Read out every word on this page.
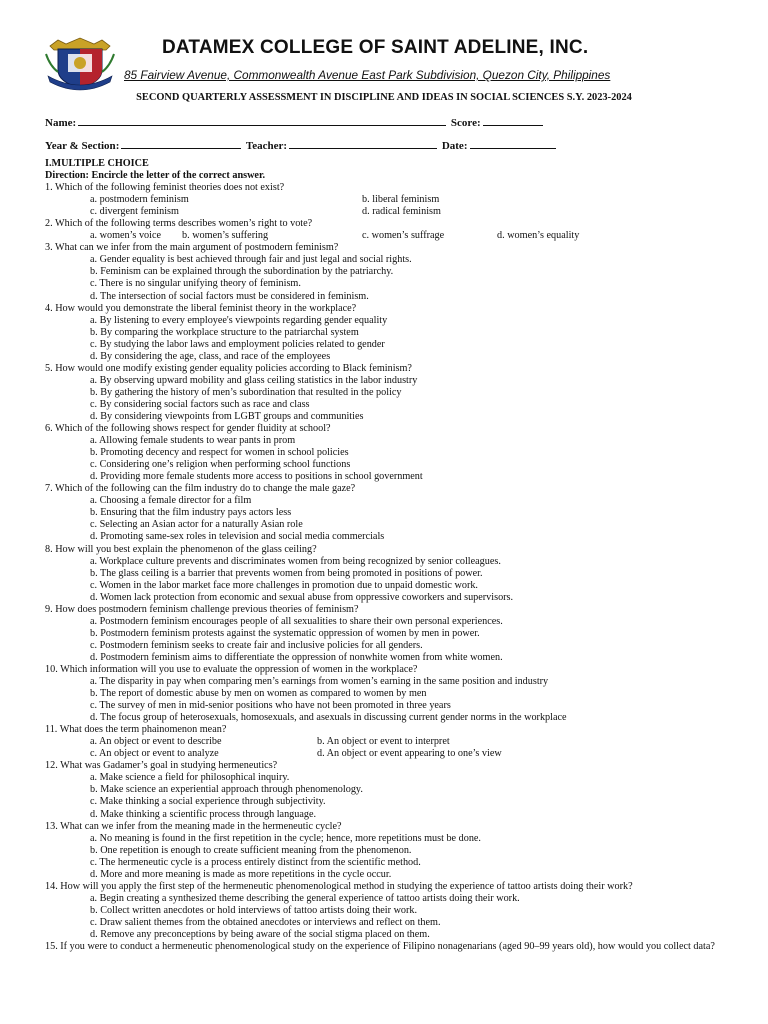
DATAMEX COLLEGE OF SAINT ADELINE, INC.
85 Fairview Avenue, Commonwealth Avenue East Park Subdivision, Quezon City, Philippines
SECOND QUARTERLY ASSESSMENT IN DISCIPLINE AND IDEAS IN SOCIAL SCIENCES S.Y. 2023-2024
Name:	Score:
Year & Section:	Teacher:	Date:
I.MULTIPLE CHOICE
Direction: Encircle the letter of the correct answer.
1. Which of the following feminist theories does not exist?
a. postmodern feminism	b. liberal feminism
c. divergent feminism	d. radical feminism
2. Which of the following terms describes women’s right to vote?
a. women’s voice	b. women’s suffering	c. women’s suffrage	d. women’s equality
3. What can we infer from the main argument of postmodern feminism?
a. Gender equality is best achieved through fair and just legal and social rights.
b. Feminism can be explained through the subordination by the patriarchy.
c. There is no singular unifying theory of feminism.
d. The intersection of social factors must be considered in feminism.
4. How would you demonstrate the liberal feminist theory in the workplace?
a. By listening to every employee's viewpoints regarding gender equality
b. By comparing the workplace structure to the patriarchal system
c. By studying the labor laws and employment policies related to gender
d. By considering the age, class, and race of the employees
5. How would one modify existing gender equality policies according to Black feminism?
a. By observing upward mobility and glass ceiling statistics in the labor industry
b. By gathering the history of men’s subordination that resulted in the policy
c. By considering social factors such as race and class
d. By considering viewpoints from LGBT groups and communities
6. Which of the following shows respect for gender fluidity at school?
a. Allowing female students to wear pants in prom
b. Promoting decency and respect for women in school policies
c. Considering one’s religion when performing school functions
d. Providing more female students more access to positions in school government
7. Which of the following can the film industry do to change the male gaze?
a. Choosing a female director for a film
b. Ensuring that the film industry pays actors less
c. Selecting an Asian actor for a naturally Asian role
d. Promoting same-sex roles in television and social media commercials
8. How will you best explain the phenomenon of the glass ceiling?
a. Workplace culture prevents and discriminates women from being recognized by senior colleagues.
b. The glass ceiling is a barrier that prevents women from being promoted in positions of power.
c. Women in the labor market face more challenges in promotion due to unpaid domestic work.
d. Women lack protection from economic and sexual abuse from oppressive coworkers and supervisors.
9. How does postmodern feminism challenge previous theories of feminism?
a. Postmodern feminism encourages people of all sexualities to share their own personal experiences.
b. Postmodern feminism protests against the systematic oppression of women by men in power.
c. Postmodern feminism seeks to create fair and inclusive policies for all genders.
d. Postmodern feminism aims to differentiate the oppression of nonwhite women from white women.
10. Which information will you use to evaluate the oppression of women in the workplace?
a. The disparity in pay when comparing men’s earnings from women’s earning in the same position and industry
b. The report of domestic abuse by men on women as compared to women by men
c. The survey of men in mid-senior positions who have not been promoted in three years
d. The focus group of heterosexuals, homosexuals, and asexuals in discussing current gender norms in the workplace
11. What does the term phainomenon mean?
a. An object or event to describe	b. An object or event to interpret
c. An object or event to analyze	d. An object or event appearing to one’s view
12. What was Gadamer’s goal in studying hermeneutics?
a. Make science a field for philosophical inquiry.
b. Make science an experiential approach through phenomenology.
c. Make thinking a social experience through subjectivity.
d. Make thinking a scientific process through language.
13. What can we infer from the meaning made in the hermeneutic cycle?
a. No meaning is found in the first repetition in the cycle; hence, more repetitions must be done.
b. One repetition is enough to create sufficient meaning from the phenomenon.
c. The hermeneutic cycle is a process entirely distinct from the scientific method.
d. More and more meaning is made as more repetitions in the cycle occur.
14. How will you apply the first step of the hermeneutic phenomenological method in studying the experience of tattoo artists doing their work?
a. Begin creating a synthesized theme describing the general experience of tattoo artists doing their work.
b. Collect written anecdotes or hold interviews of tattoo artists doing their work.
c. Draw salient themes from the obtained anecdotes or interviews and reflect on them.
d. Remove any preconceptions by being aware of the social stigma placed on them.
15. If you were to conduct a hermeneutic phenomenological study on the experience of Filipino nonagenarians (aged 90–99 years old), how would you collect data?
